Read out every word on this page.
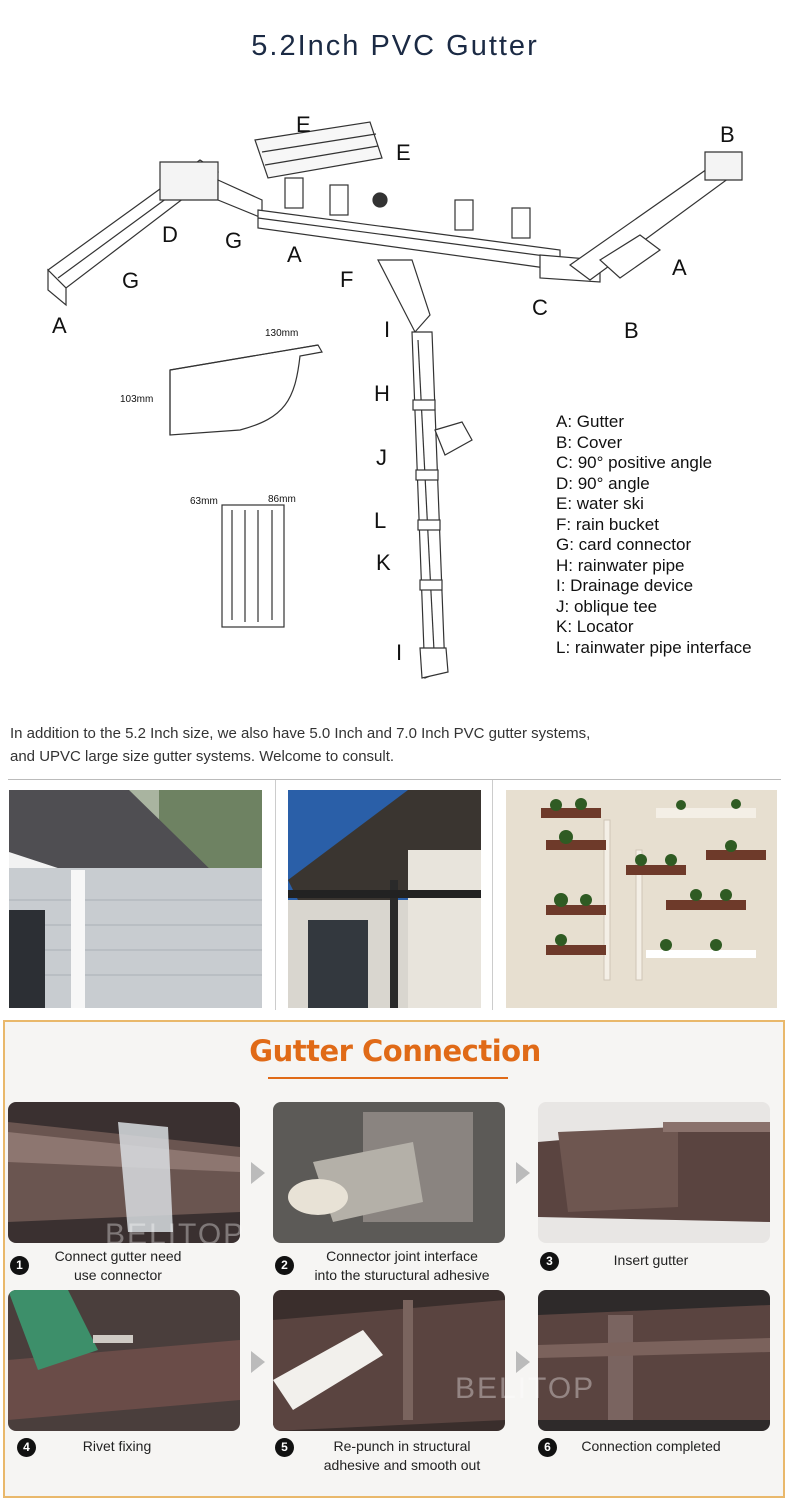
5.2Inch PVC Gutter
E
E
B
D G
A
F	A
G
C
B
A	I
H
J
L
K
I
130mm
103mm
63mm	86mm
A: Gutter
B: Cover
C: 90° positive angle
D: 90° angle
E: water ski
F: rain bucket
G: card connector
H: rainwater pipe
I: Drainage device
J: oblique tee
K: Locator
L: rainwater pipe interface
In addition to the 5.2 Inch size, we also have 5.0 Inch and 7.0 Inch PVC gutter systems,
and UPVC large size gutter systems. Welcome to consult.
Gutter Connection
BELITOP
BELITOP
1
Connect gutter need
use connector
2
Connector joint interface
into the stuructural adhesive
3	Insert gutter
4	Rivet fixing	5	Re-punch in structural
adhesive and smooth out
6	Connection completed
